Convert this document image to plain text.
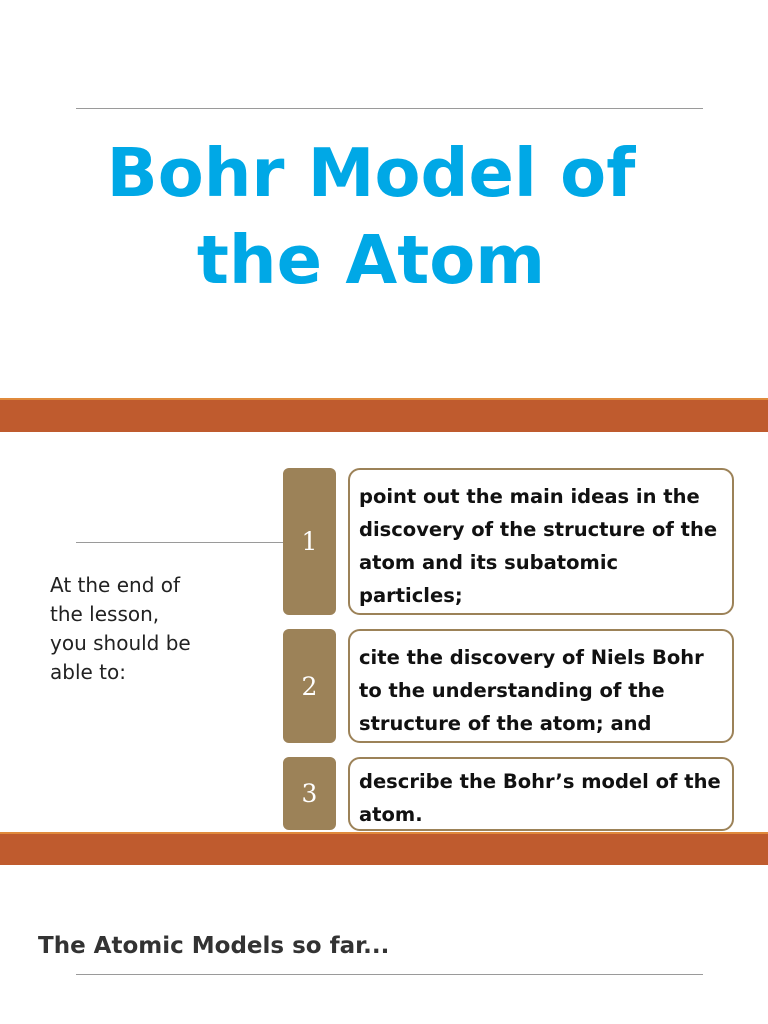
Bohr Model of
the Atom
At the end of the lesson, you should be able to:
1
point out the main ideas in the discovery of the structure of the atom and its subatomic particles;
2
cite the discovery of Niels Bohr to the understanding of the structure of the atom; and
3	describe the Bohr’s model of the atom.
The Atomic Models so far...
